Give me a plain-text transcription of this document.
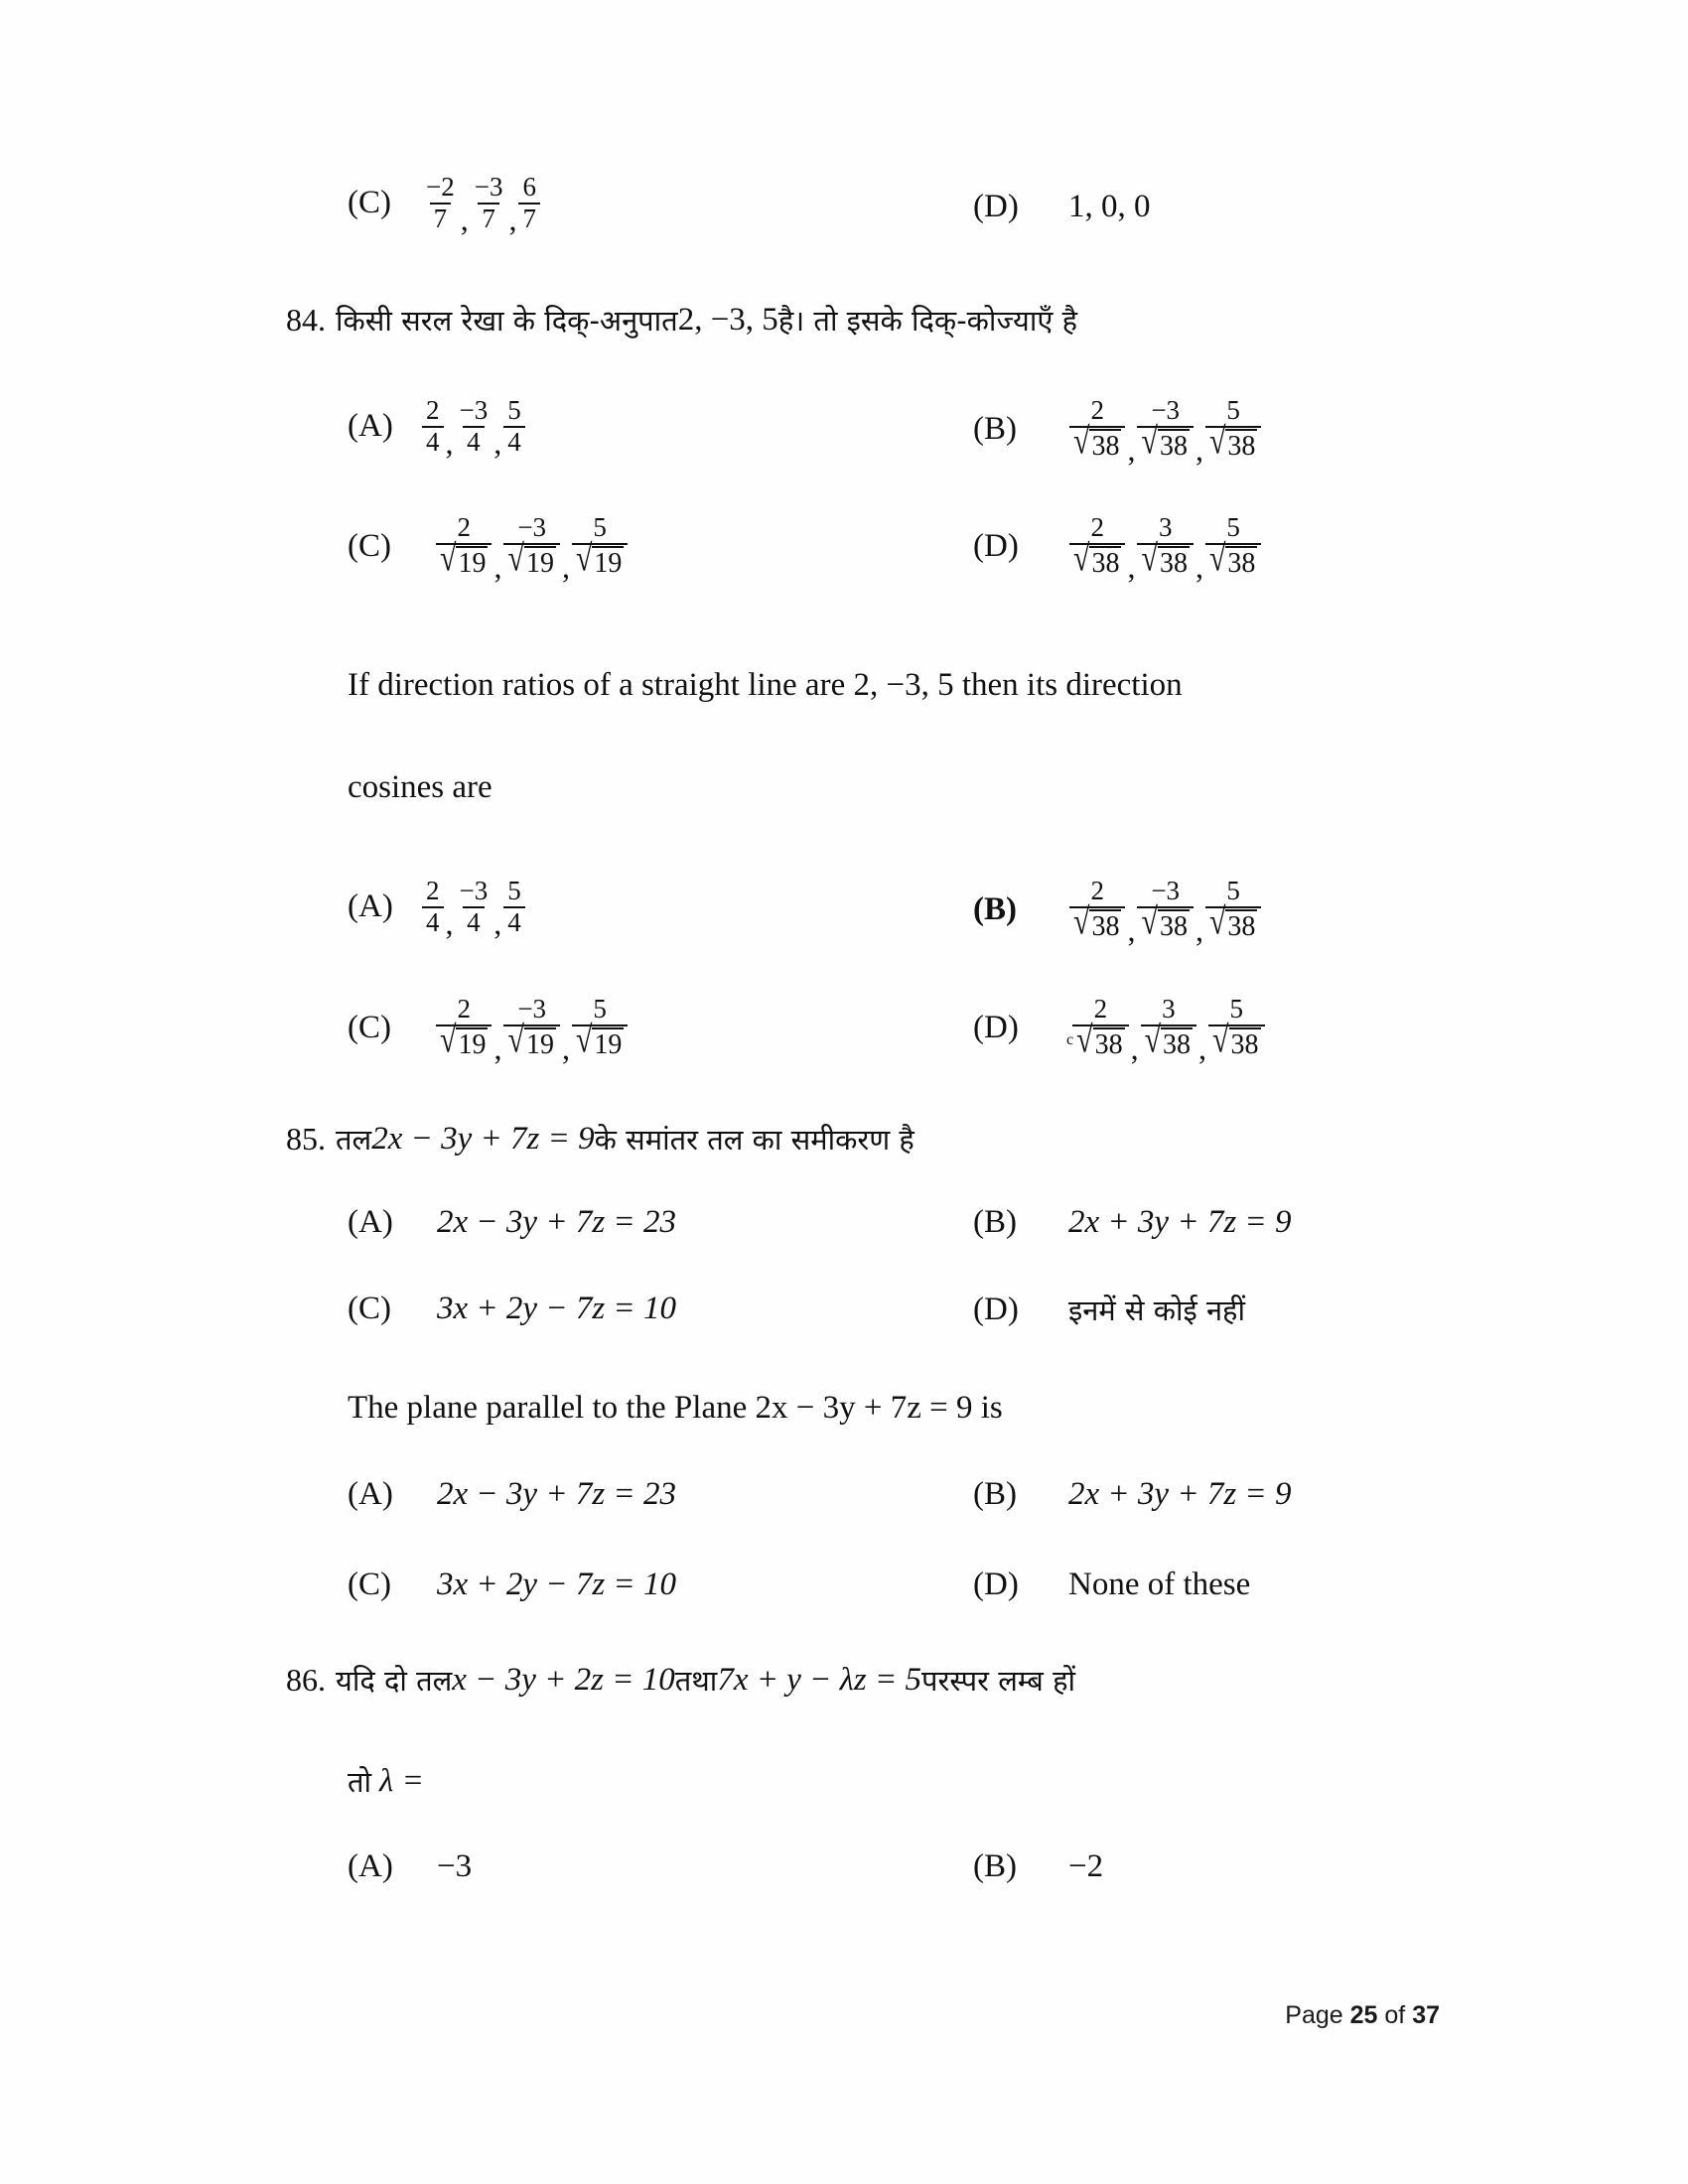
(C)	$\frac{-2}{7}$ , $\frac{-3}{7}$ , $\frac{6}{7}$	(D)	1, 0, 0
84. किसी सरल रेखा के दिक्-अनुपात 2, −3, 5 है। तो इसके दिक्-कोज्याएँ है
(A)	$\frac{2}{4}$ , $\frac{-3}{4}$ , $\frac{5}{4}$	(B)	$\frac{2}{√ 38}$ , $\frac{-3}{√ 38}$ , $\frac{5}{√ 38}$
(C)	$\frac{2}{√ 19}$ , $\frac{-3}{√ 19}$ , $\frac{5}{√ 19}$	(D)	$\frac{2}{√ 38}$ , $\frac{3}{√ 38}$ , $\frac{5}{√ 38}$
If direction ratios of a straight line are 2, −3, 5 then its direction
cosines are
(A)	$\frac{2}{4}$ , $\frac{-3}{4}$ , $\frac{5}{4}$	(B)	$\frac{2}{√ 38}$ , $\frac{-3}{√ 38}$ , $\frac{5}{√ 38}$
(C)	$\frac{2}{√ 19}$ , $\frac{-3}{√ 19}$ , $\frac{5}{√ 19}$	(D)	c $\frac{2}{√ 38}$ , $\frac{3}{√ 38}$ , $\frac{5}{√ 38}$
85. तल 2x − 3y + 7z = 9 के समांतर तल का समीकरण है
(A)	2x − 3y + 7z = 23	(B)	2x + 3y + 7z = 9
(C)	3x + 2y − 7z = 10	(D)	इनमें से कोई नहीं
The plane parallel to the Plane 2x − 3y + 7z = 9 is
(A)	2x − 3y + 7z = 23	(B)	2x + 3y + 7z = 9
(C)	3x + 2y − 7z = 10	(D)	None of these
86. यदि दो तल x − 3y + 2z = 10 तथा 7x + y − λz = 5 परस्पर लम्ब हों
तो λ =
(A)	−3	(B)	−2
Page 25 of 37
